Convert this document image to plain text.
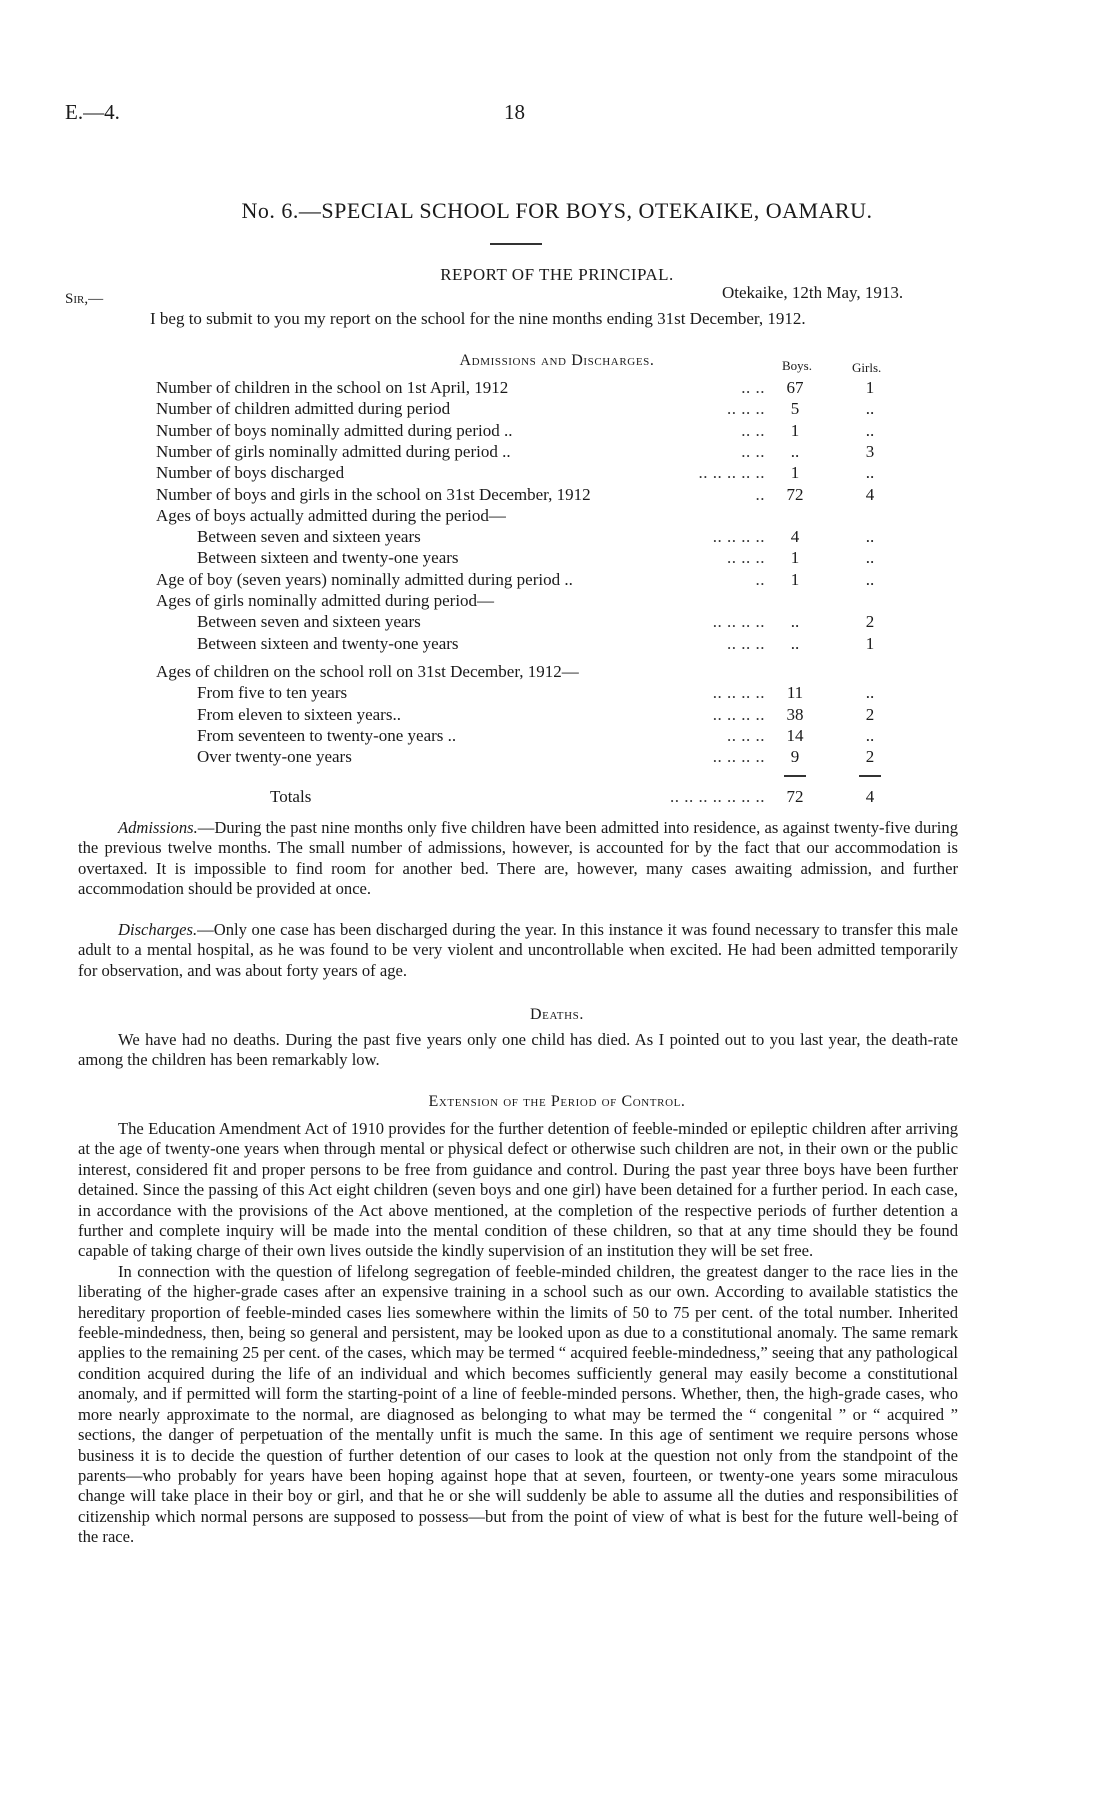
E.—4.	18
No. 6.—SPECIAL SCHOOL FOR BOYS, OTEKAIKE, OAMARU.
REPORT OF THE PRINCIPAL.
Sir,—	Otekaike, 12th May, 1913.
I beg to submit to you my report on the school for the nine months ending 31st December, 1912.
Admissions and Discharges.	Boys.	Girls.
Number of children in the school on 1st April, 1912	.. ..	67	1
Number of children admitted during period	.. .. ..	5	..
Number of boys nominally admitted during period ..	.. ..	1	..
Number of girls nominally admitted during period ..	.. ..	..	3
Number of boys discharged	.. .. .. .. ..	1	..
Number of boys and girls in the school on 31st December, 1912	..	72	4
Ages of boys actually admitted during the period—
Between seven and sixteen years	.. .. .. ..	4	..
Between sixteen and twenty-one years	.. .. ..	1	..
Age of boy (seven years) nominally admitted during period ..	..	1	..
Ages of girls nominally admitted during period—
Between seven and sixteen years	.. .. .. ..	..	2
Between sixteen and twenty-one years	.. .. ..	..	1
Ages of children on the school roll on 31st December, 1912—
From five to ten years	.. .. .. ..	11	..
From eleven to sixteen years..	.. .. .. ..	38	2
From seventeen to twenty-one years ..	.. .. ..	14	..
Over twenty-one years	.. .. .. ..	9	2
Totals	.. .. .. .. .. .. ..	72	4

Admissions.—During the past nine months only five children have been admitted into residence, as against twenty-five during the previous twelve months. The small number of admissions, however, is accounted for by the fact that our accommodation is overtaxed. It is impossible to find room for another bed. There are, however, many cases awaiting admission, and further accommodation should be provided at once.

Discharges.—Only one case has been discharged during the year. In this instance it was found necessary to transfer this male adult to a mental hospital, as he was found to be very violent and uncontrollable when excited. He had been admitted temporarily for observation, and was about forty years of age.

Deaths.

We have had no deaths. During the past five years only one child has died. As I pointed out to you last year, the death-rate among the children has been remarkably low.

Extension of the Period of Control.

The Education Amendment Act of 1910 provides for the further detention of feeble-minded or epileptic children after arriving at the age of twenty-one years when through mental or physical defect or otherwise such children are not, in their own or the public interest, considered fit and proper persons to be free from guidance and control. During the past year three boys have been further detained. Since the passing of this Act eight children (seven boys and one girl) have been detained for a further period. In each case, in accordance with the provisions of the Act above mentioned, at the completion of the respective periods of further detention a further and complete inquiry will be made into the mental condition of these children, so that at any time should they be found capable of taking charge of their own lives outside the kindly supervision of an institution they will be set free.

In connection with the question of lifelong segregation of feeble-minded children, the greatest danger to the race lies in the liberating of the higher-grade cases after an expensive training in a school such as our own. According to available statistics the hereditary proportion of feeble-minded cases lies somewhere within the limits of 50 to 75 per cent. of the total number. Inherited feeble-mindedness, then, being so general and persistent, may be looked upon as due to a constitutional anomaly. The same remark applies to the remaining 25 per cent. of the cases, which may be termed “ acquired feeble-mindedness,” seeing that any pathological condition acquired during the life of an individual and which becomes sufficiently general may easily become a constitutional anomaly, and if permitted will form the starting-point of a line of feeble-minded persons. Whether, then, the high-grade cases, who more nearly approximate to the normal, are diagnosed as belonging to what may be termed the “ congenital ” or “ acquired ” sections, the danger of perpetuation of the mentally unfit is much the same. In this age of sentiment we require persons whose business it is to decide the question of further detention of our cases to look at the question not only from the standpoint of the parents—who probably for years have been hoping against hope that at seven, fourteen, or twenty-one years some miraculous change will take place in their boy or girl, and that he or she will suddenly be able to assume all the duties and responsibilities of citizenship which normal persons are supposed to possess—but from the point of view of what is best for the future well-being of the race.
